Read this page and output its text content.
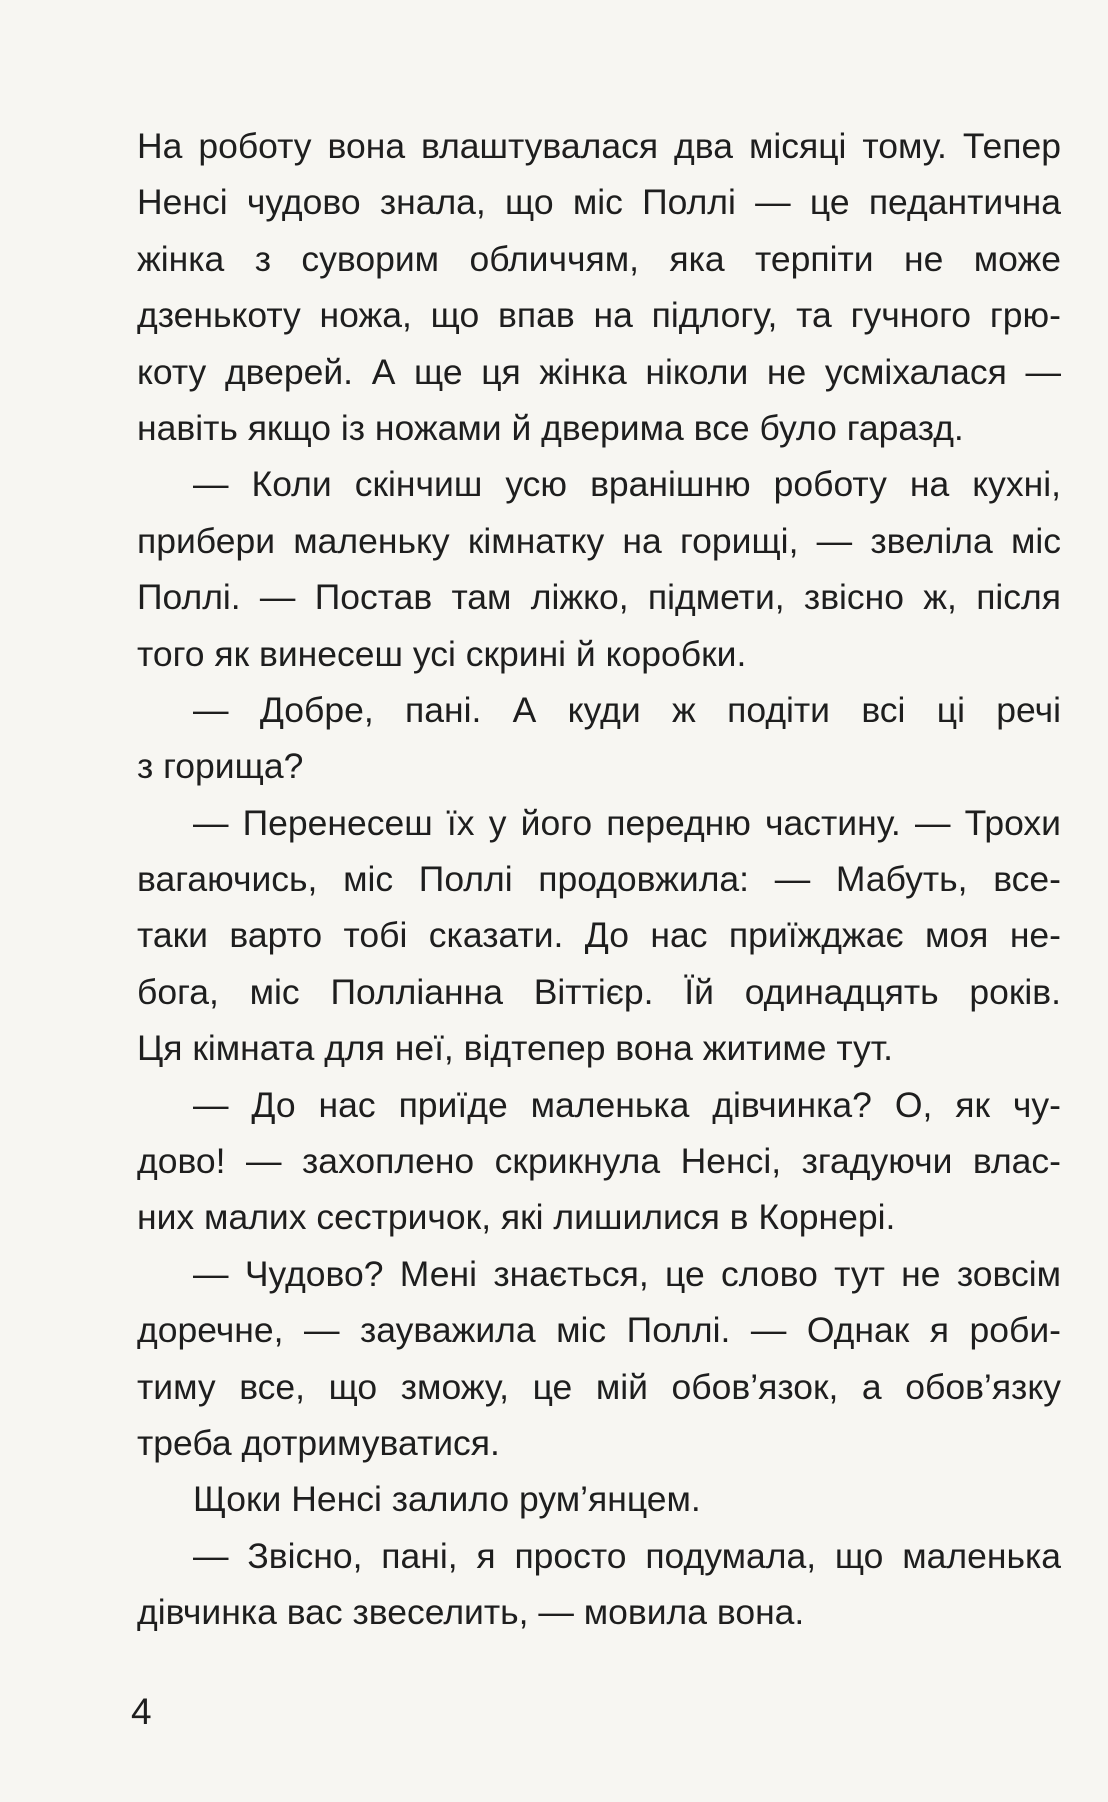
На роботу вона влаштувалася два місяці тому. Тепер
Ненсі чудово знала, що міс Поллі — це педантична
жінка з суворим обличчям, яка терпіти не може
дзенькоту ножа, що впав на підлогу, та гучного грю-
коту дверей. А ще ця жінка ніколи не усміхалася —
навіть якщо із ножами й дверима все було гаразд.
— Коли скінчиш усю вранішню роботу на кухні,
прибери маленьку кімнатку на горищі, — звеліла міс
Поллі. — Постав там ліжко, підмети, звісно ж, після
того як винесеш усі скрині й коробки.
— Добре, пані. А куди ж подіти всі ці речі
з горища?
— Перенесеш їх у його передню частину. — Трохи
вагаючись, міс Поллі продовжила: — Мабуть, все-
таки варто тобі сказати. До нас приїжджає моя не-
бога, міс Полліанна Віттієр. Їй одинадцять років.
Ця кімната для неї, відтепер вона житиме тут.
— До нас приїде маленька дівчинка? О, як чу-
дово! — захоплено скрикнула Ненсі, згадуючи влас-
них малих сестричок, які лишилися в Корнері.
— Чудово? Мені знається, це слово тут не зовсім
доречне, — зауважила міс Поллі. — Однак я роби-
тиму все, що зможу, це мій обов’язок, а обов’язку
треба дотримуватися.
Щоки Ненсі залило рум’янцем.
— Звісно, пані, я просто подумала, що маленька
дівчинка вас звеселить, — мовила вона.
4
